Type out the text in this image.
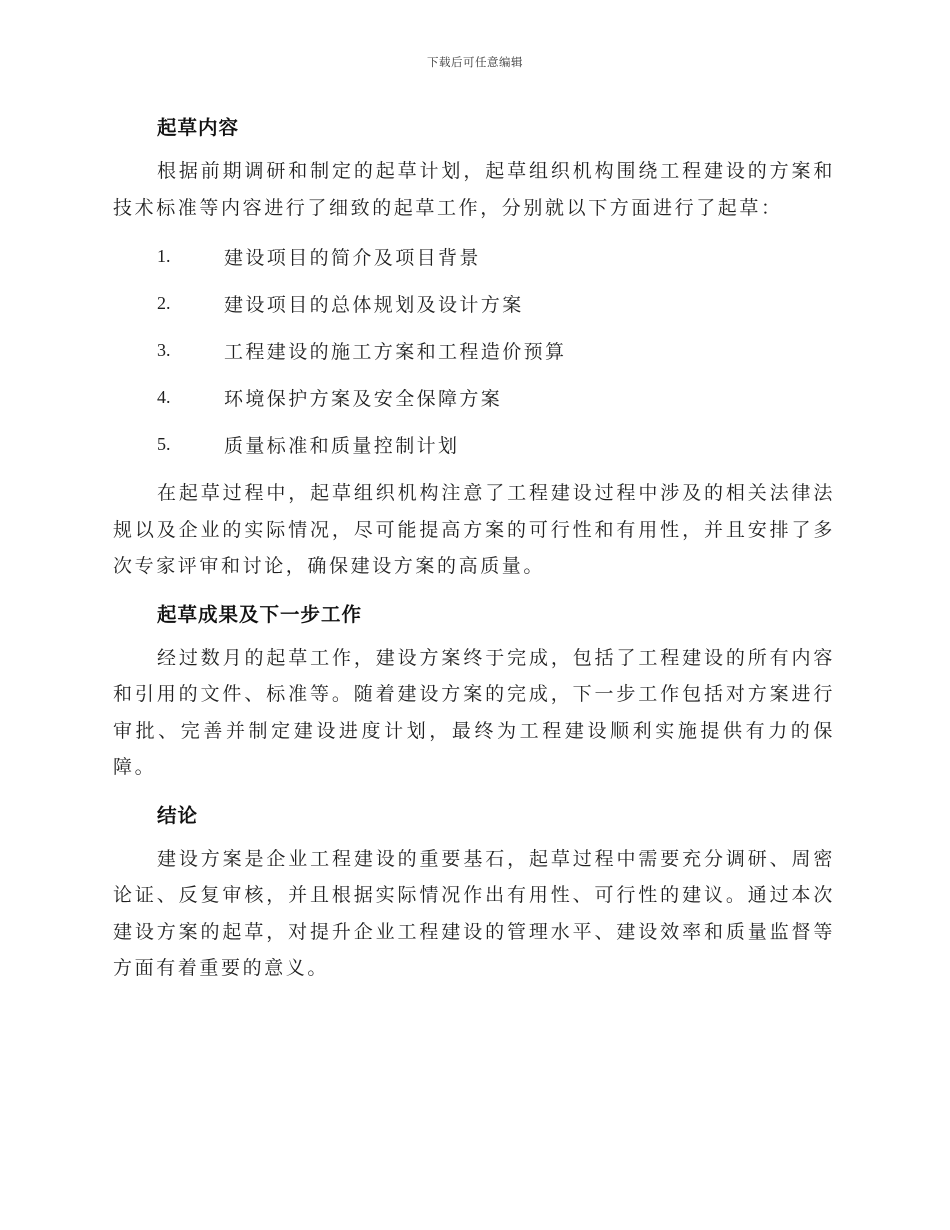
下载后可任意编辑
起草内容

根据前期调研和制定的起草计划，起草组织机构围绕工程建设的方案和技术标准等内容进行了细致的起草工作，分别就以下方面进行了起草：

1.	建设项目的简介及项目背景
2.	建设项目的总体规划及设计方案
3.	工程建设的施工方案和工程造价预算
4.	环境保护方案及安全保障方案
5.	质量标准和质量控制计划

在起草过程中，起草组织机构注意了工程建设过程中涉及的相关法律法规以及企业的实际情况，尽可能提高方案的可行性和有用性，并且安排了多次专家评审和讨论，确保建设方案的高质量。

起草成果及下一步工作

经过数月的起草工作，建设方案终于完成，包括了工程建设的所有内容和引用的文件、标准等。随着建设方案的完成，下一步工作包括对方案进行审批、完善并制定建设进度计划，最终为工程建设顺利实施提供有力的保障。

结论

建设方案是企业工程建设的重要基石，起草过程中需要充分调研、周密论证、反复审核，并且根据实际情况作出有用性、可行性的建议。通过本次建设方案的起草，对提升企业工程建设的管理水平、建设效率和质量监督等方面有着重要的意义。
